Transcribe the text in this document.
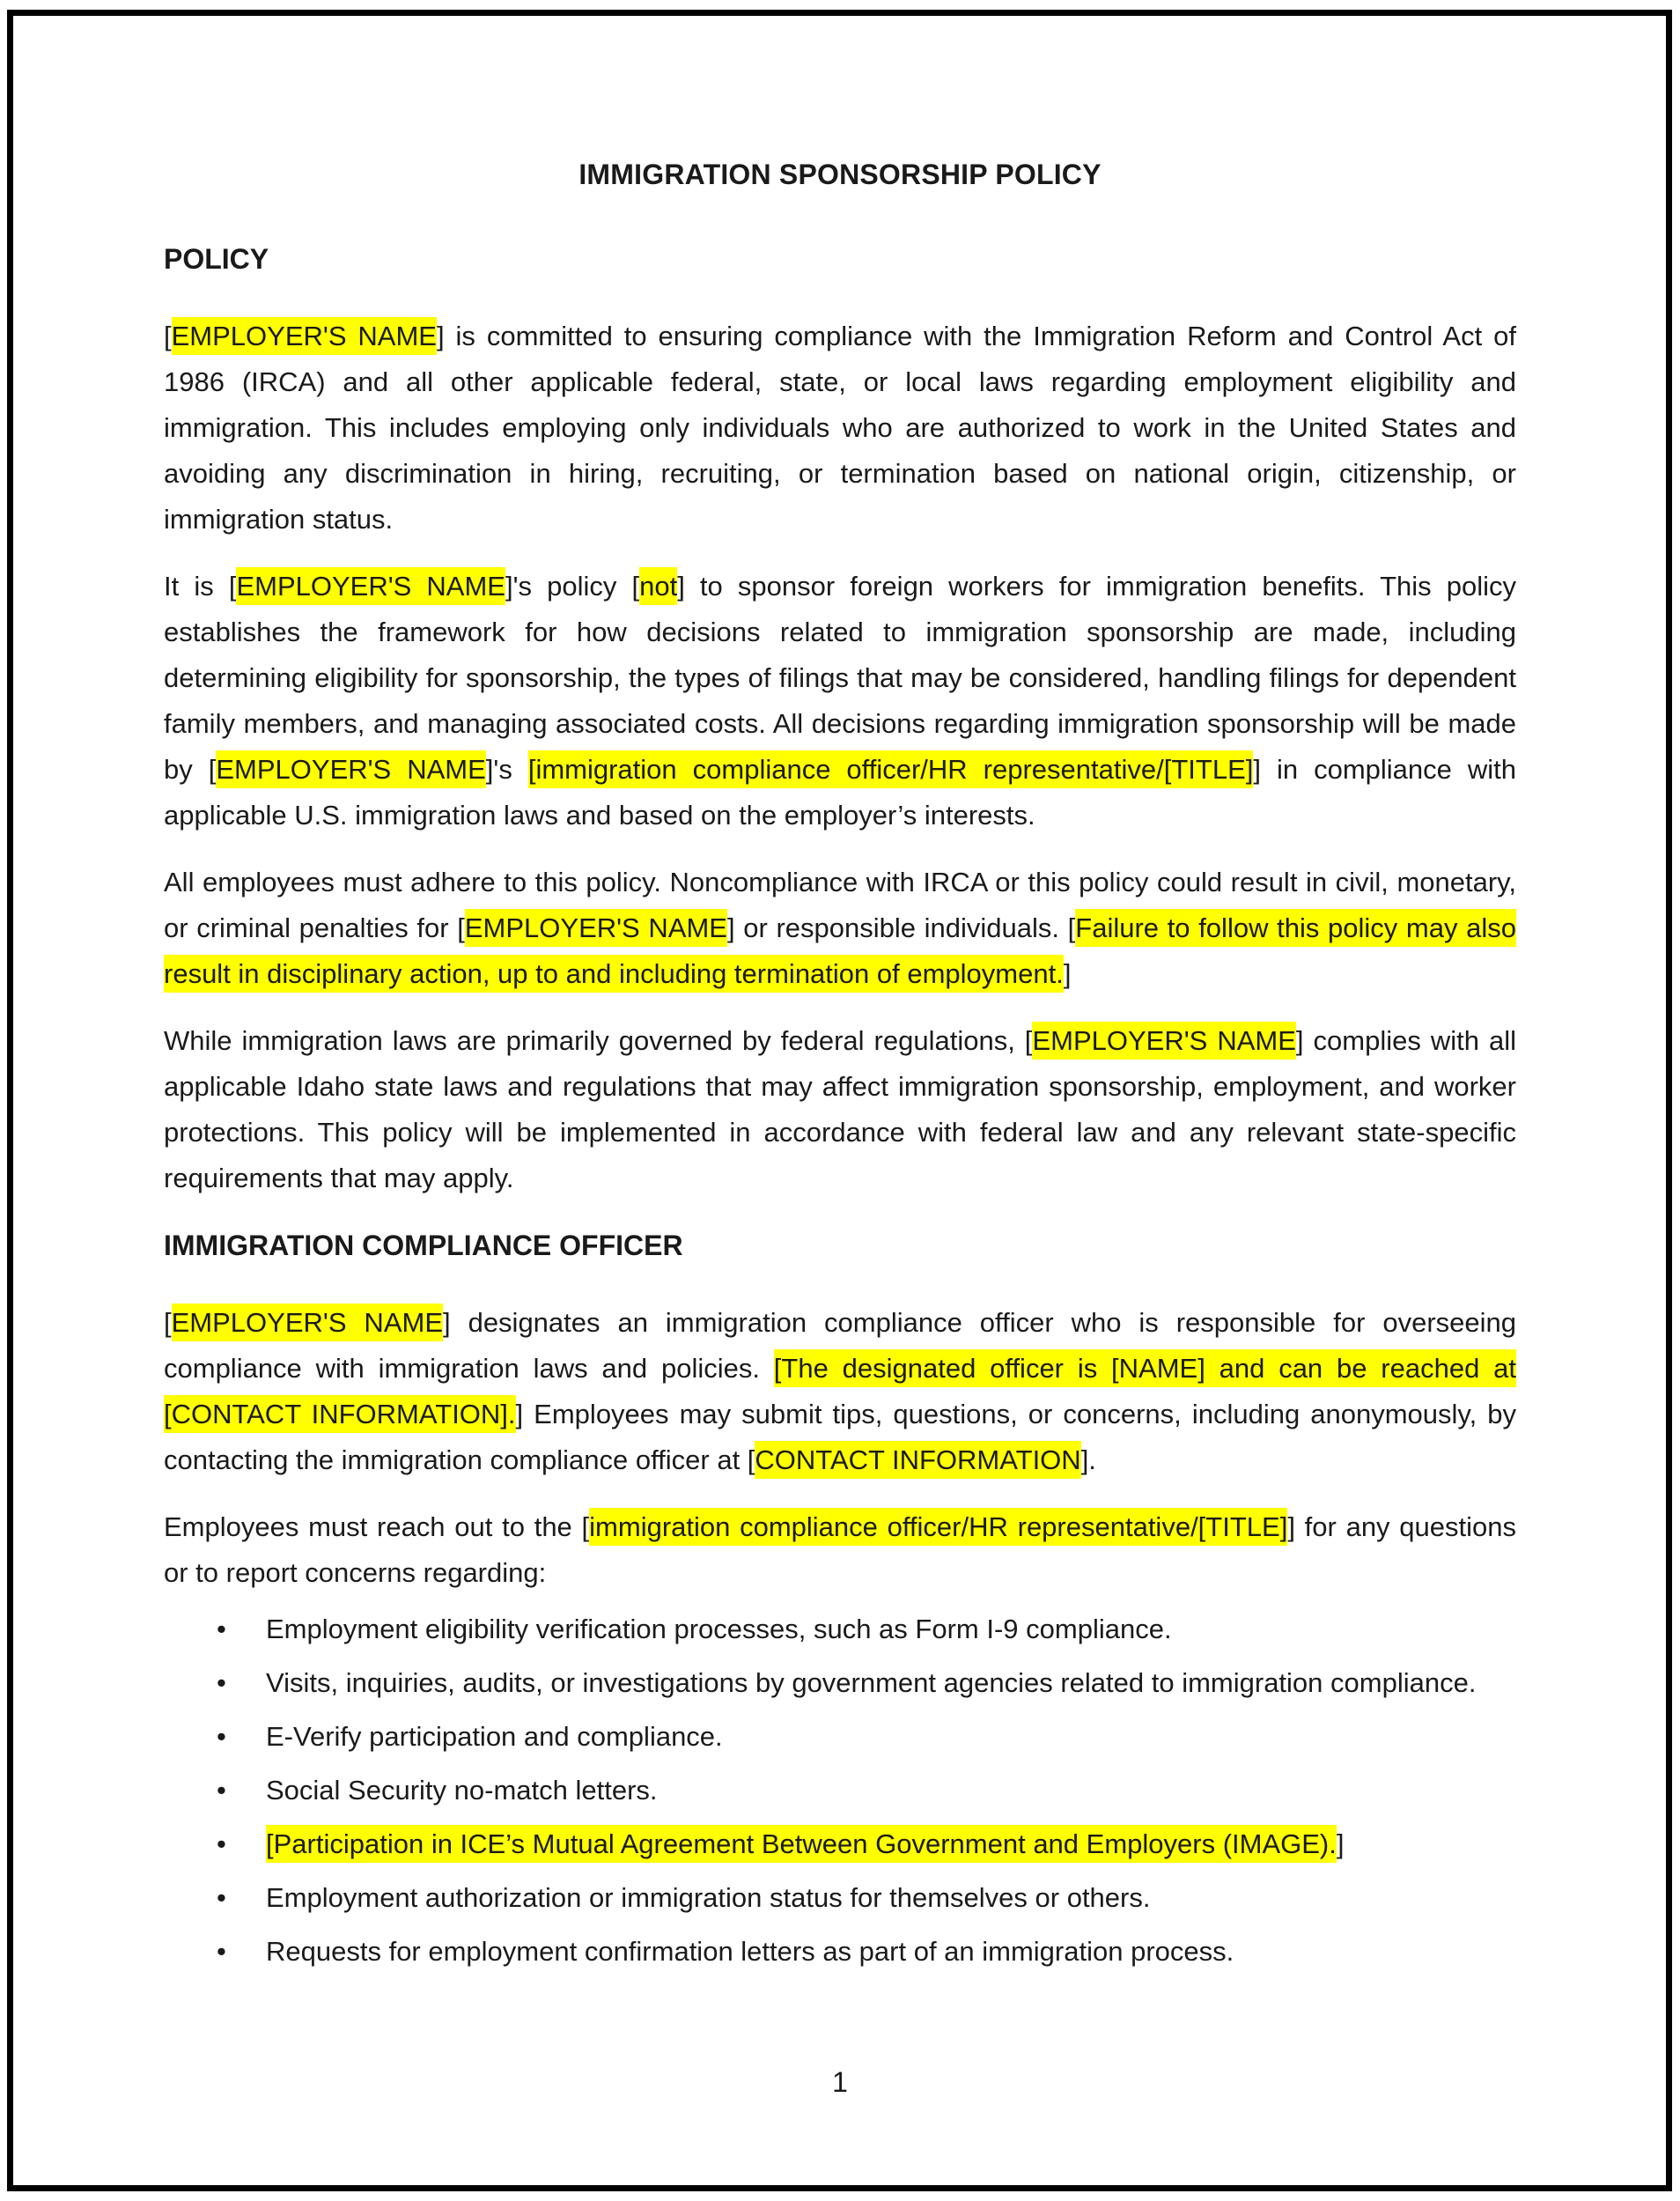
IMMIGRATION SPONSORSHIP POLICY
POLICY

[EMPLOYER'S NAME] is committed to ensuring compliance with the Immigration Reform and Control Act of 1986 (IRCA) and all other applicable federal, state, or local laws regarding employment eligibility and immigration. This includes employing only individuals who are authorized to work in the United States and avoiding any discrimination in hiring, recruiting, or termination based on national origin, citizenship, or immigration status.

It is [EMPLOYER'S NAME]'s policy [not] to sponsor foreign workers for immigration benefits. This policy establishes the framework for how decisions related to immigration sponsorship are made, including determining eligibility for sponsorship, the types of filings that may be considered, handling filings for dependent family members, and managing associated costs. All decisions regarding immigration sponsorship will be made by [EMPLOYER'S NAME]'s [immigration compliance officer/HR representative/[TITLE]] in compliance with applicable U.S. immigration laws and based on the employer’s interests.

All employees must adhere to this policy. Noncompliance with IRCA or this policy could result in civil, monetary, or criminal penalties for [EMPLOYER'S NAME] or responsible individuals. [Failure to follow this policy may also result in disciplinary action, up to and including termination of employment.]

While immigration laws are primarily governed by federal regulations, [EMPLOYER'S NAME] complies with all applicable Idaho state laws and regulations that may affect immigration sponsorship, employment, and worker protections. This policy will be implemented in accordance with federal law and any relevant state-specific requirements that may apply.

IMMIGRATION COMPLIANCE OFFICER

[EMPLOYER'S NAME] designates an immigration compliance officer who is responsible for overseeing compliance with immigration laws and policies. [The designated officer is [NAME] and can be reached at [CONTACT INFORMATION].] Employees may submit tips, questions, or concerns, including anonymously, by contacting the immigration compliance officer at [CONTACT INFORMATION].

Employees must reach out to the [immigration compliance officer/HR representative/[TITLE]] for any questions or to report concerns regarding:

• Employment eligibility verification processes, such as Form I-9 compliance.
• Visits, inquiries, audits, or investigations by government agencies related to immigration compliance.
• E-Verify participation and compliance.
• Social Security no-match letters.
• [Participation in ICE’s Mutual Agreement Between Government and Employers (IMAGE).]
• Employment authorization or immigration status for themselves or others.
• Requests for employment confirmation letters as part of an immigration process.
1
